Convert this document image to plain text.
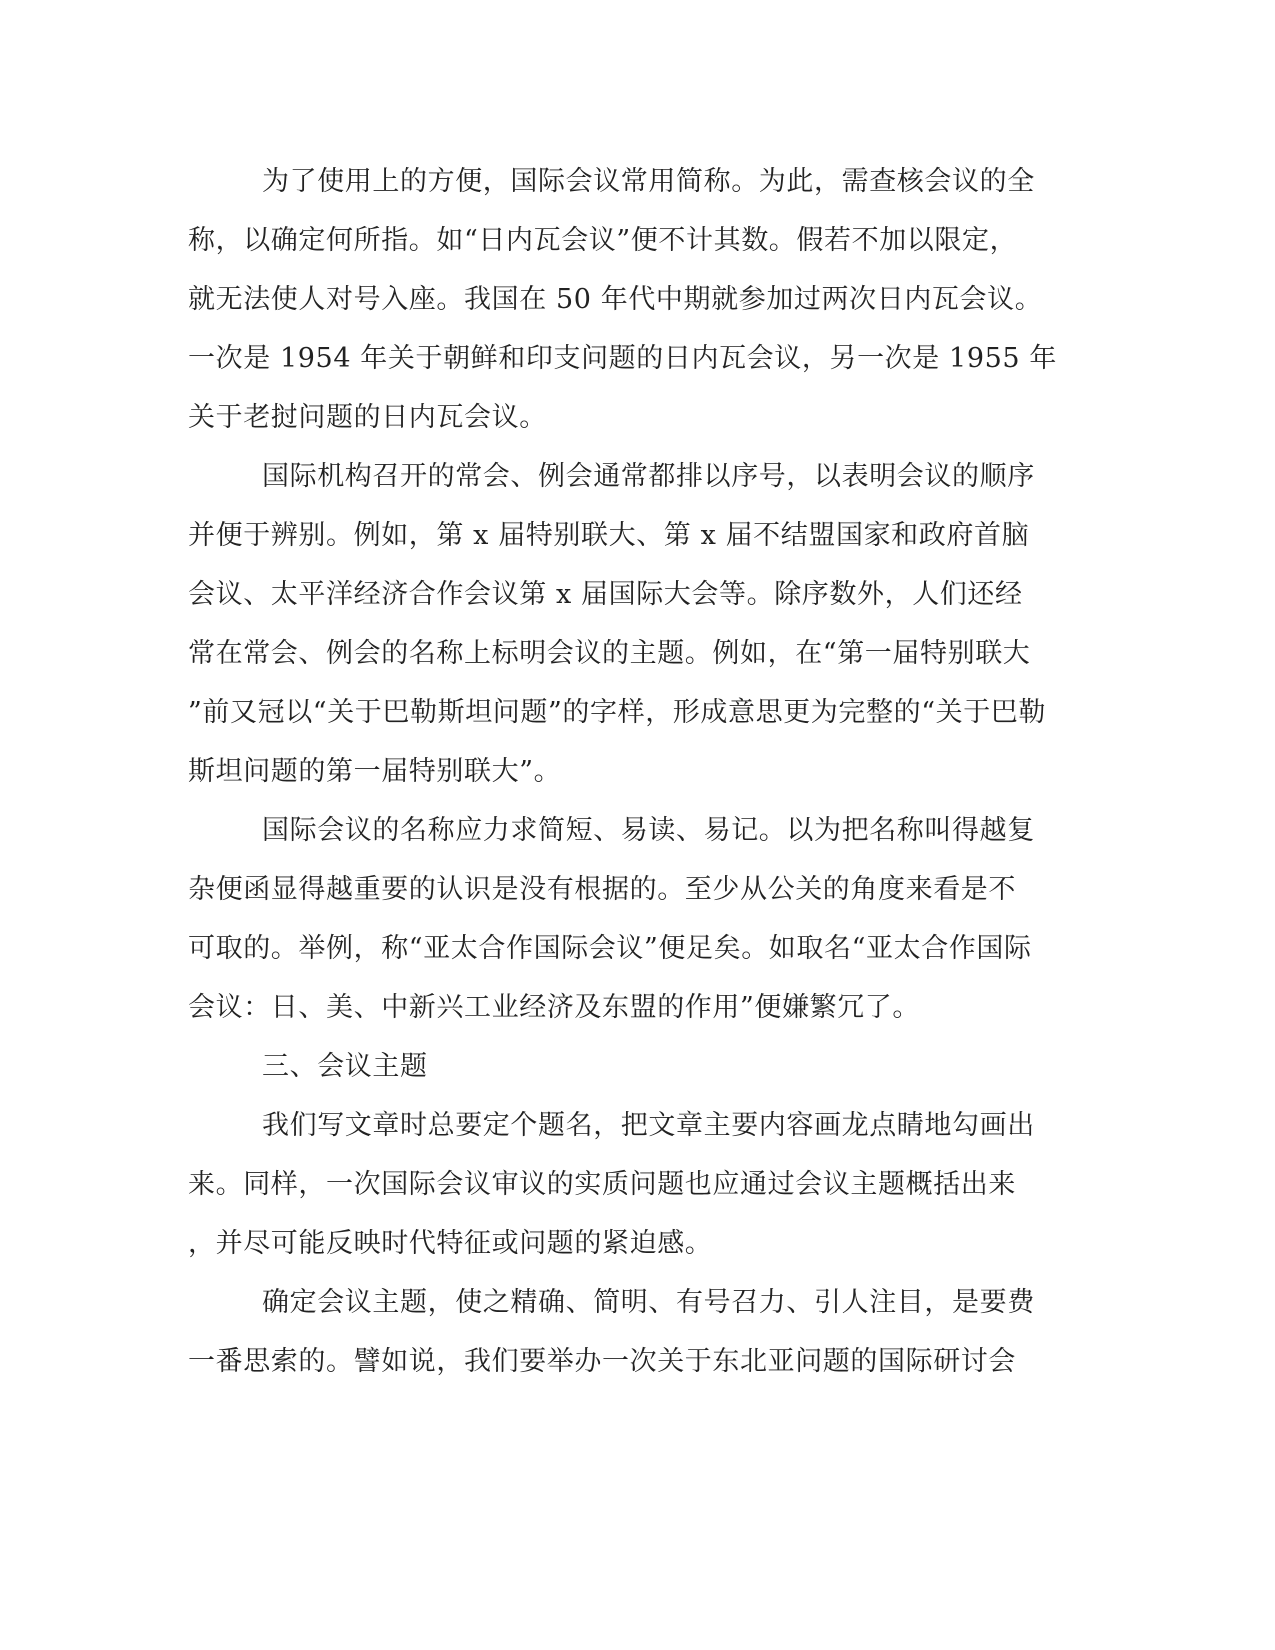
为了使用上的方便，国际会议常用简称。为此，需查核会议的全
称，以确定何所指。如“日内瓦会议”便不计其数。假若不加以限定，
就无法使人对号入座。我国在 50 年代中期就参加过两次日内瓦会议。
一次是 1954 年关于朝鲜和印支问题的日内瓦会议，另一次是 1955 年
关于老挝问题的日内瓦会议。
国际机构召开的常会、例会通常都排以序号，以表明会议的顺序
并便于辨别。例如，第 x 届特别联大、第 x 届不结盟国家和政府首脑
会议、太平洋经济合作会议第 x 届国际大会等。除序数外，人们还经
常在常会、例会的名称上标明会议的主题。例如，在“第一届特别联大
”前又冠以“关于巴勒斯坦问题”的字样，形成意思更为完整的“关于巴勒
斯坦问题的第一届特别联大”。
国际会议的名称应力求简短、易读、易记。以为把名称叫得越复
杂便函显得越重要的认识是没有根据的。至少从公关的角度来看是不
可取的。举例，称“亚太合作国际会议”便足矣。如取名“亚太合作国际
会议：日、美、中新兴工业经济及东盟的作用”便嫌繁冗了。
三、会议主题
我们写文章时总要定个题名，把文章主要内容画龙点睛地勾画出
来。同样，一次国际会议审议的实质问题也应通过会议主题概括出来
，并尽可能反映时代特征或问题的紧迫感。
确定会议主题，使之精确、简明、有号召力、引人注目，是要费
一番思索的。譬如说，我们要举办一次关于东北亚问题的国际研讨会
